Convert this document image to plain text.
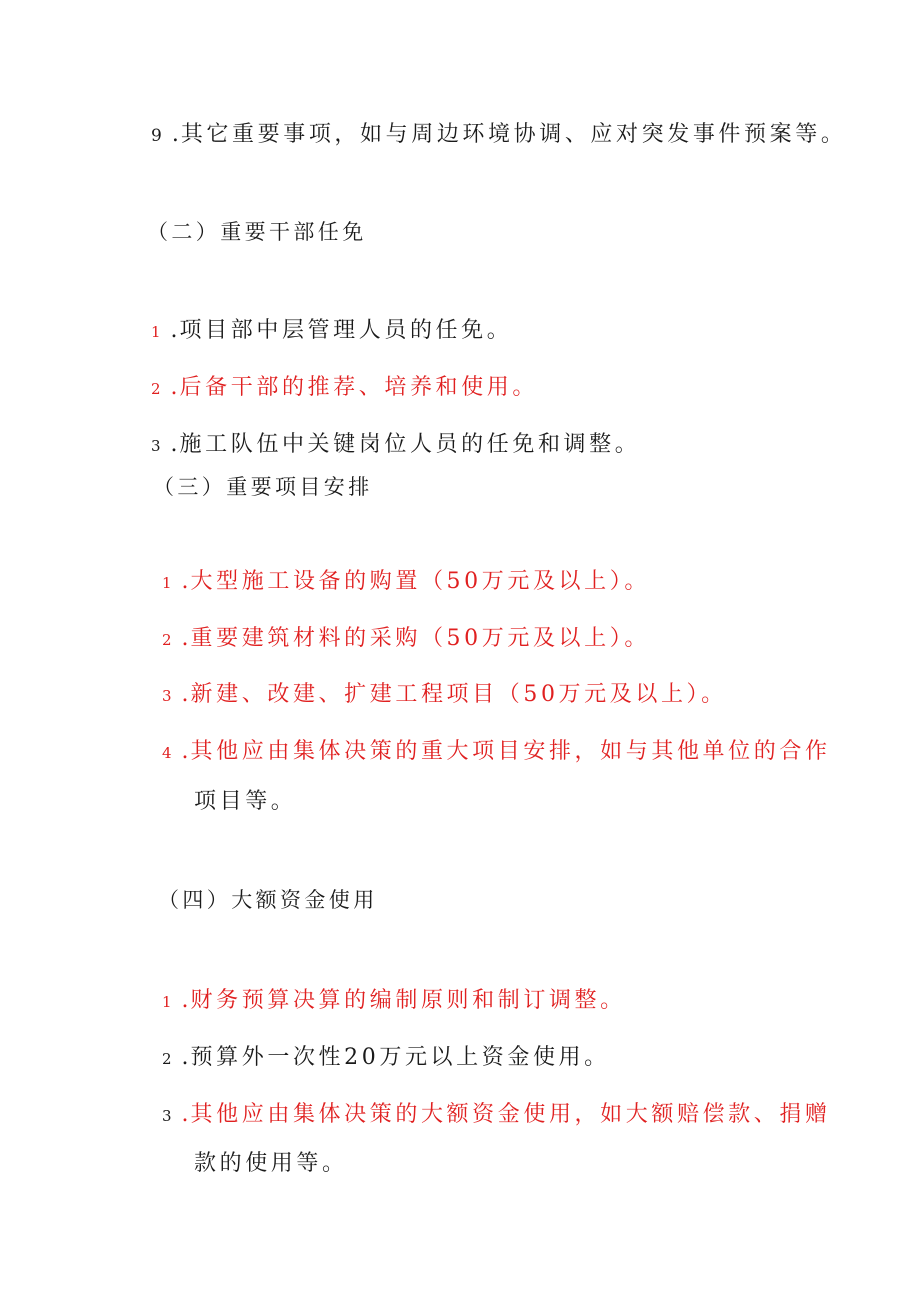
9 .其它重要事项，如与周边环境协调、应对突发事件预案等。
（二）重要干部任免
1 .项目部中层管理人员的任免。
2 .后备干部的推荐、培养和使用。
3 .施工队伍中关键岗位人员的任免和调整。
（三）重要项目安排
1 .大型施工设备的购置（50万元及以上）。
2 .重要建筑材料的采购（50万元及以上）。
3 .新建、改建、扩建工程项目（50万元及以上）。
4 .其他应由集体决策的重大项目安排，如与其他单位的合作
项目等。
（四）大额资金使用
1 .财务预算决算的编制原则和制订调整。
2 .预算外一次性20万元以上资金使用。
3 .其他应由集体决策的大额资金使用，如大额赔偿款、捐赠
款的使用等。
